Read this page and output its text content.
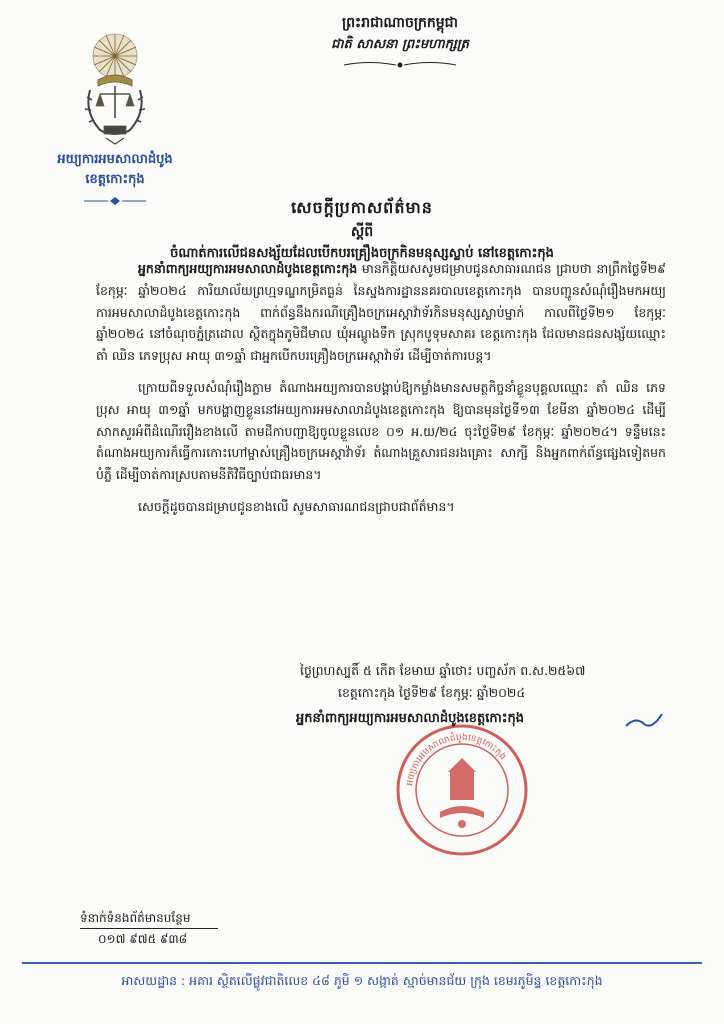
អយ្យការអមសាលាដំបូង
ខេត្តកោះកុង
ព្រះរាជាណាចក្រកម្ពុជា
ជាតិ សាសនា ព្រះមហាក្សត្រ
សេចក្តីប្រកាសព័ត៌មាន
ស្តីពី
ចំណាត់ការលើជនសង្ស័យដែលបើកបរគ្រឿងចក្រកិនមនុស្សស្លាប់ នៅខេត្តកោះកុង

អ្នកនាំពាក្យអយ្យការអមសាលាដំបូងខេត្តកោះកុង មានកិត្តិយសសូមជម្រាបជូនសាធារណជន ជ្រាបថា នាព្រឹកថ្ងៃទី២៩ ខែកុម្ភៈ ឆ្នាំ២០២៤ ការិយាល័យព្រហ្មទណ្ឌកម្រិតធ្ងន់ នៃស្នងការដ្ឋាននគរបាលខេត្តកោះកុង បានបញ្ជូនសំណុំរឿងមកអយ្យការអមសាលាដំបូងខេត្តកោះកុង ពាក់ព័ន្ធនឹងករណីគ្រឿងចក្រអេស្កាវ៉ាទ័រកិនមនុស្សស្លាប់ម្នាក់ កាលពីថ្ងៃទី២១ ខែកុម្ភៈ ឆ្នាំ២០២៤ នៅចំណុចភ្នំត្រដោល ស្ថិតក្នុងភូមិជីមាល ឃុំអណ្តូងទឹក ស្រុកបូទុមសាគរ ខេត្តកោះកុង ដែលមានជនសង្ស័យឈ្មោះ តាំ ឈិន ភេទប្រុស អាយុ ៣១ឆ្នាំ ជាអ្នកបើកបរគ្រឿងចក្រអេស្កាវ៉ាទ័រ ដើម្បីចាត់ការបន្ត។

ក្រោយពីទទួលសំណុំរឿងភ្លាម តំណាងអយ្យការបានបង្គាប់ឱ្យកម្លាំងមានសមត្ថកិច្ចនាំខ្លួនបុគ្គលឈ្មោះ តាំ ឈិន ភេទប្រុស អាយុ ៣១ឆ្នាំ មកបង្ហាញខ្លួននៅអយ្យការអមសាលាដំបូងខេត្តកោះកុង ឱ្យបានមុនថ្ងៃទី១៣ ខែមីនា ឆ្នាំ២០២៤ ដើម្បីសាកសួរអំពីដំណើររឿងខាងលើ តាមដីកាបញ្ជាឱ្យចូលខ្លួនលេខ ០១ អ.យ/២៤ ចុះថ្ងៃទី២៩ ខែកុម្ភៈ ឆ្នាំ២០២៤។ ទន្ទឹមនេះ តំណាងអយ្យការក៏ធ្វើការកោះហៅម្ចាស់គ្រឿងចក្រអេស្កាវ៉ាទ័រ តំណាងគ្រួសារជនរងគ្រោះ សាក្សី និងអ្នកពាក់ព័ន្ធផ្សេងទៀតមកបំភ្លឺ ដើម្បីចាត់ការស្របតាមនីតិវិធីច្បាប់ជាធរមាន។

សេចក្តីដូចបានជម្រាបជូនខាងលើ សូមសាធារណជនជ្រាបជាព័ត៌មាន។

ថ្ងៃព្រហស្បតិ៍ ៥ កើត ខែមាឃ ឆ្នាំថោះ បញ្ចស័ក ព.ស.២៥៦៧
ខេត្តកោះកុង ថ្ងៃទី២៩ ខែកុម្ភៈ ឆ្នាំ២០២៤
អយ្យការអមសាលាដំបូងខេត្តកោះកុង
អ្នកនាំពាក្យអយ្យការអមសាលាដំបូងខេត្តកោះកុង
ទំនាក់ទំនងព័ត៌មានបន្ថែម
០១៧ ៩៧៥ ៩៣៨
អាសយដ្ឋាន : អគារ ស្ថិតលើផ្លូវជាតិលេខ ៤៨ ភូមិ ១ សង្កាត់ ស្មាច់មានជ័យ ក្រុង ខេមរភូមិន្ទ ខេត្តកោះកុង
